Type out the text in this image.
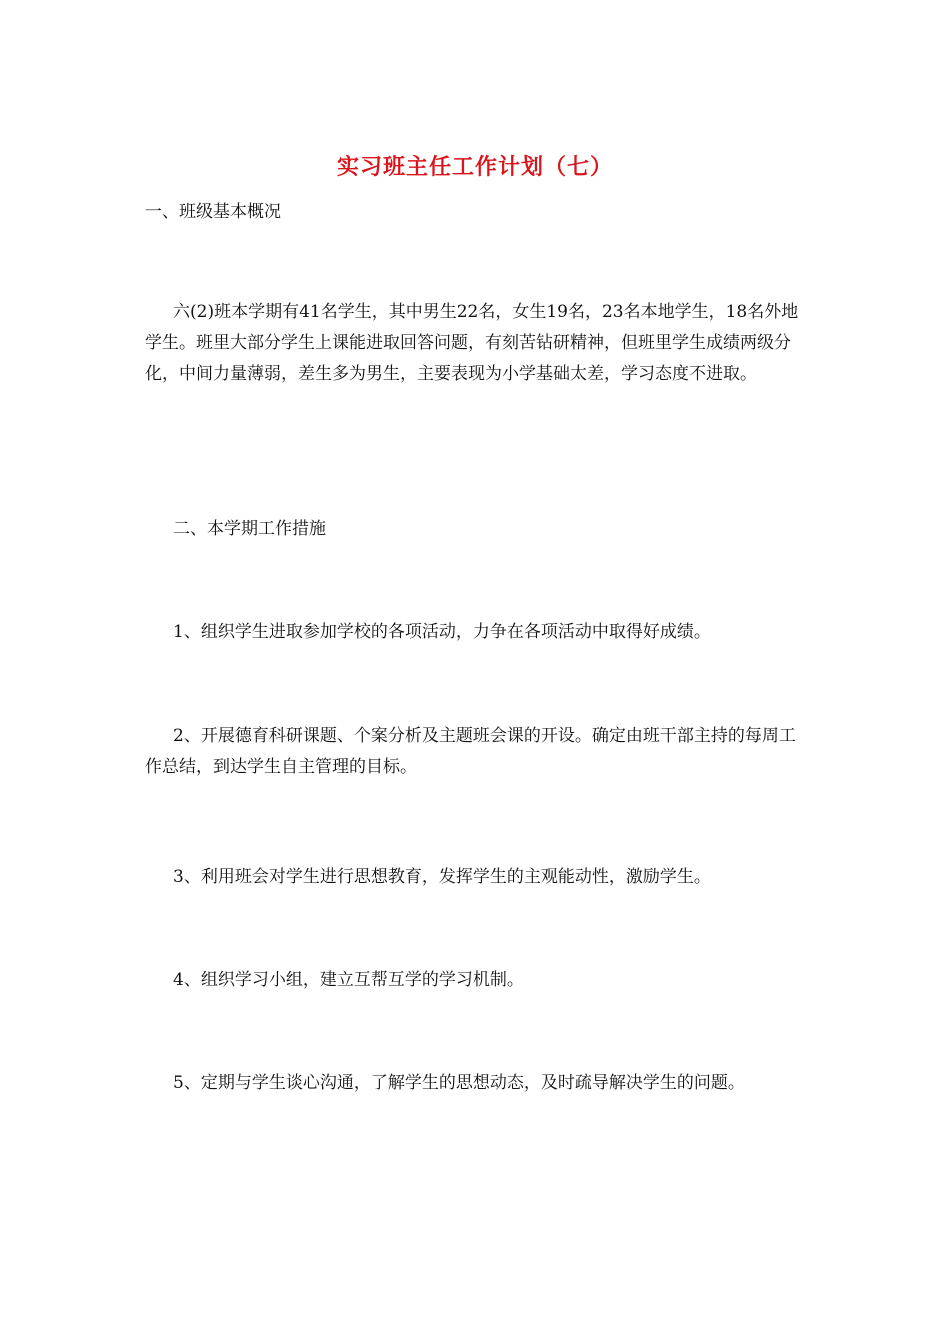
实习班主任工作计划（七）
一、班级基本概况
六(2)班本学期有41名学生，其中男生22名，女生19名，23名本地学生，18名外地学生。班里大部分学生上课能进取回答问题，有刻苦钻研精神，但班里学生成绩两级分化，中间力量薄弱，差生多为男生，主要表现为小学基础太差，学习态度不进取。
二、本学期工作措施
1、组织学生进取参加学校的各项活动，力争在各项活动中取得好成绩。
2、开展德育科研课题、个案分析及主题班会课的开设。确定由班干部主持的每周工作总结，到达学生自主管理的目标。
3、利用班会对学生进行思想教育，发挥学生的主观能动性，激励学生。
4、组织学习小组，建立互帮互学的学习机制。
5、定期与学生谈心沟通，了解学生的思想动态，及时疏导解决学生的问题。
